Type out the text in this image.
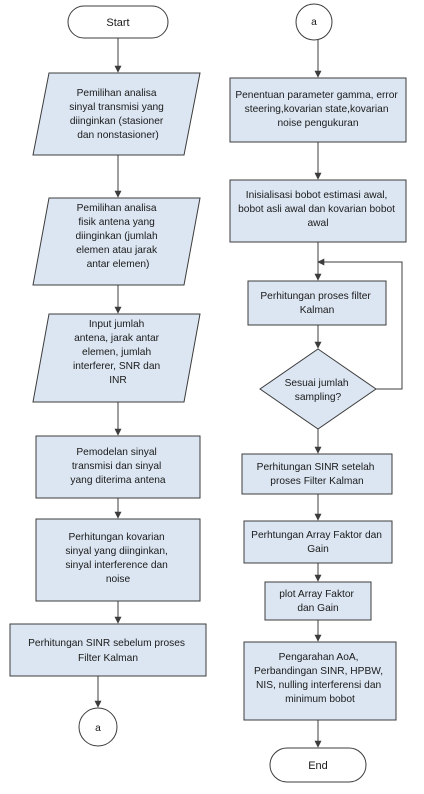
Start
Pemilihan analisa sinyal transmisi yang diinginkan (stasioner dan nonstasioner)
Pemilihan analisa fisik antena yang diinginkan (jumlah elemen atau jarak antar elemen)
Input jumlah antena, jarak antar elemen, jumlah interferer, SNR dan INR
Pemodelan sinyal transmisi dan sinyal yang diterima antena
Perhitungan kovarian sinyal yang diinginkan, sinyal interference dan noise
Perhitungan SINR sebelum proses Filter Kalman
a
a
Penentuan parameter gamma, error steering,kovarian state,kovarian noise pengukuran
Inisialisasi bobot estimasi awal, bobot asli awal dan kovarian bobot awal
Perhitungan proses filter Kalman
Sesuai jumlah sampling?
Perhitungan SINR setelah proses Filter Kalman
Perhtungan Array Faktor dan Gain
plot Array Faktor dan Gain
Pengarahan AoA, Perbandingan SINR, HPBW, NIS, nulling interferensi dan minimum bobot
End
